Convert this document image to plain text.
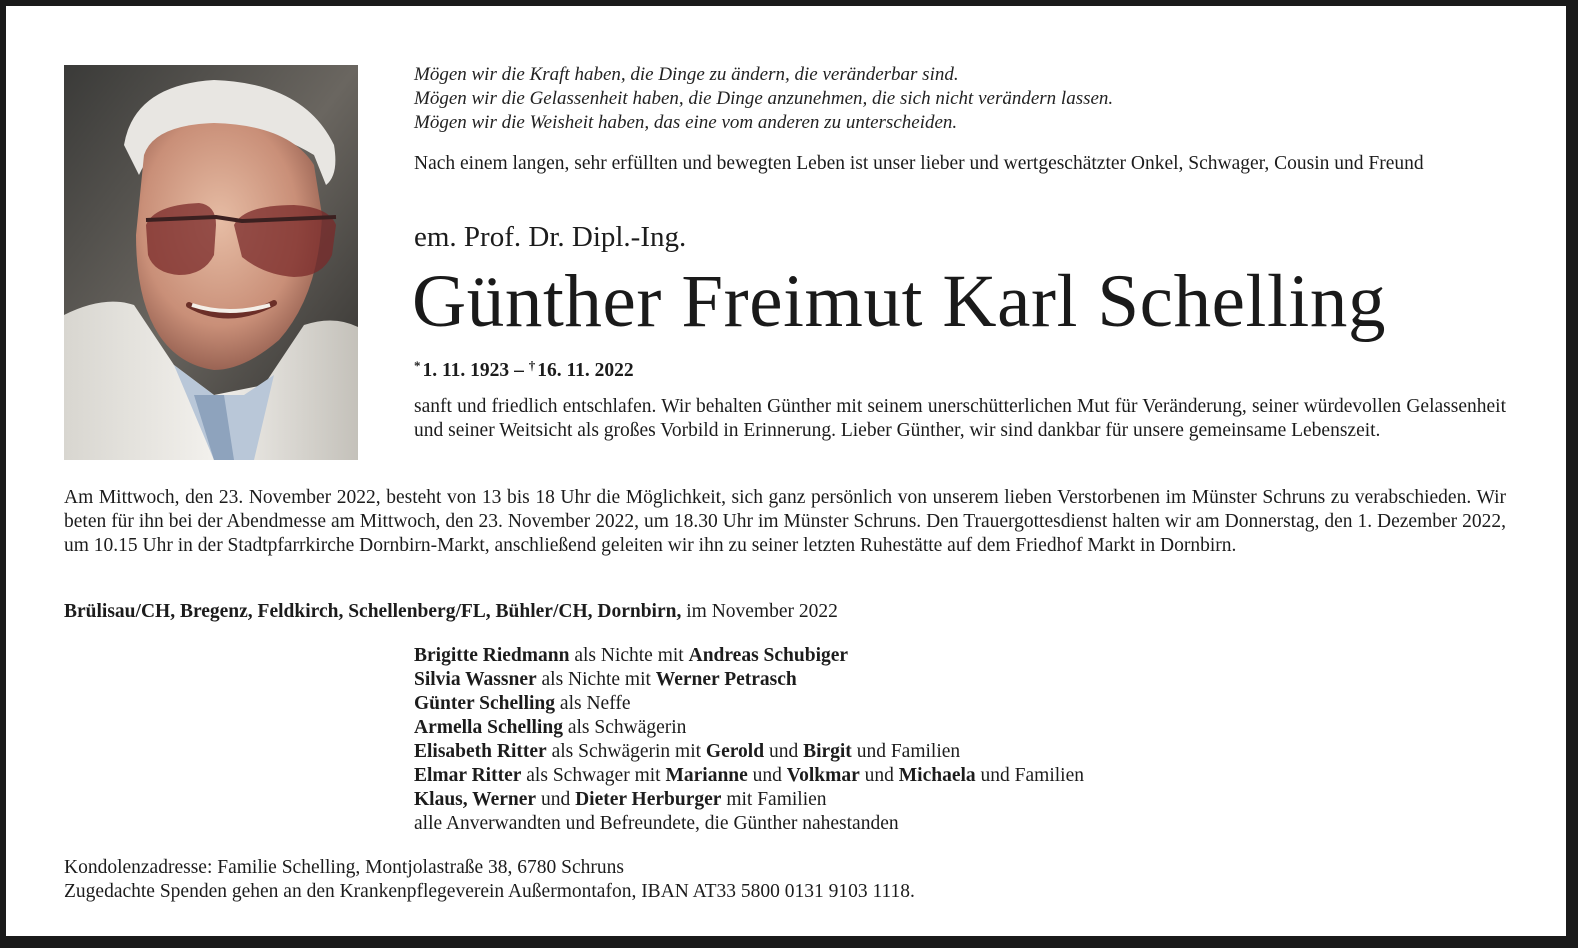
Mögen wir die Kraft haben, die Dinge zu ändern, die veränderbar sind.
Mögen wir die Gelassenheit haben, die Dinge anzunehmen, die sich nicht verändern lassen.
Mögen wir die Weisheit haben, das eine vom anderen zu unterscheiden.
Nach einem langen, sehr erfüllten und bewegten Leben ist unser lieber und wertgeschätzter Onkel, Schwager, Cousin und Freund
em. Prof. Dr. Dipl.-Ing.
Günther Freimut Karl Schelling
* 1. 11. 1923 – † 16. 11. 2022
sanft und friedlich entschlafen. Wir behalten Günther mit seinem unerschütterlichen Mut für Veränderung, seiner würdevollen Gelassenheit und seiner Weitsicht als großes Vorbild in Erinnerung. Lieber Günther, wir sind dankbar für unsere gemeinsame Lebenszeit.
Am Mittwoch, den 23. November 2022, besteht von 13 bis 18 Uhr die Möglichkeit, sich ganz persönlich von unserem lieben Verstorbenen im Münster Schruns zu verabschieden. Wir beten für ihn bei der Abendmesse am Mittwoch, den 23. November 2022, um 18.30 Uhr im Münster Schruns. Den Trauergottesdienst halten wir am Donnerstag, den 1. Dezember 2022, um 10.15 Uhr in der Stadtpfarrkirche Dornbirn-Markt, anschließend geleiten wir ihn zu seiner letzten Ruhestätte auf dem Friedhof Markt in Dornbirn.
Brülisau/CH, Bregenz, Feldkirch, Schellenberg/FL, Bühler/CH, Dornbirn, im November 2022
Brigitte Riedmann als Nichte mit Andreas Schubiger
Silvia Wassner als Nichte mit Werner Petrasch
Günter Schelling als Neffe
Armella Schelling als Schwägerin
Elisabeth Ritter als Schwägerin mit Gerold und Birgit und Familien
Elmar Ritter als Schwager mit Marianne und Volkmar und Michaela und Familien
Klaus, Werner und Dieter Herburger mit Familien
alle Anverwandten und Befreundete, die Günther nahestanden
Kondolenzadresse: Familie Schelling, Montjolastraße 38, 6780 Schruns
Zugedachte Spenden gehen an den Krankenpflegeverein Außermontafon, IBAN AT33 5800 0131 9103 1118.
